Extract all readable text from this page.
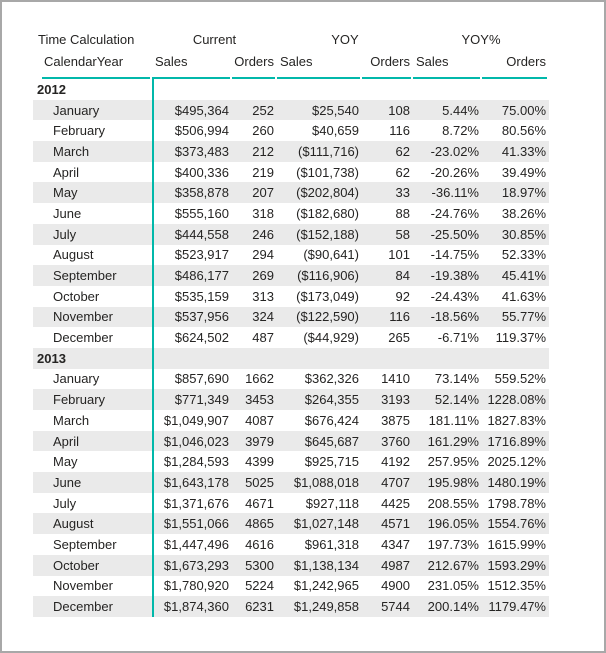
Time Calculation	Current	YOY	YOY%
CalendarYear	Sales	Orders Sales	Orders Sales	Orders
2012
January	$495,364	252	$25,540	108	5.44%	75.00%
February	$506,994	260	$40,659	116	8.72%	80.56%
March	$373,483	212	($111,716)	62	-23.02%	41.33%
April	$400,336	219	($101,738)	62	-20.26%	39.49%
May	$358,878	207	($202,804)	33	-36.11%	18.97%
June	$555,160	318	($182,680)	88	-24.76%	38.26%
July	$444,558	246	($152,188)	58	-25.50%	30.85%
August	$523,917	294	($90,641)	101	-14.75%	52.33%
September	$486,177	269	($116,906)	84	-19.38%	45.41%
October	$535,159	313	($173,049)	92	-24.43%	41.63%
November	$537,956	324	($122,590)	116	-18.56%	55.77%
December	$624,502	487	($44,929)	265	-6.71%	119.37%
2013
January	$857,690	1662	$362,326	1410	73.14%	559.52%
February	$771,349	3453	$264,355	3193	52.14% 1228.08%
March	$1,049,907	4087	$676,424	3875	181.11% 1827.83%
April	$1,046,023	3979	$645,687	3760	161.29% 1716.89%
May	$1,284,593	4399	$925,715	4192	257.95% 2025.12%
June	$1,643,178	5025	$1,088,018	4707	195.98% 1480.19%
July	$1,371,676	4671	$927,118	4425	208.55% 1798.78%
August	$1,551,066	4865	$1,027,148	4571	196.05% 1554.76%
September	$1,447,496	4616	$961,318	4347	197.73% 1615.99%
October	$1,673,293	5300	$1,138,134	4987	212.67% 1593.29%
November	$1,780,920	5224	$1,242,965	4900	231.05% 1512.35%
December	$1,874,360	6231	$1,249,858	5744	200.14% 1179.47%
